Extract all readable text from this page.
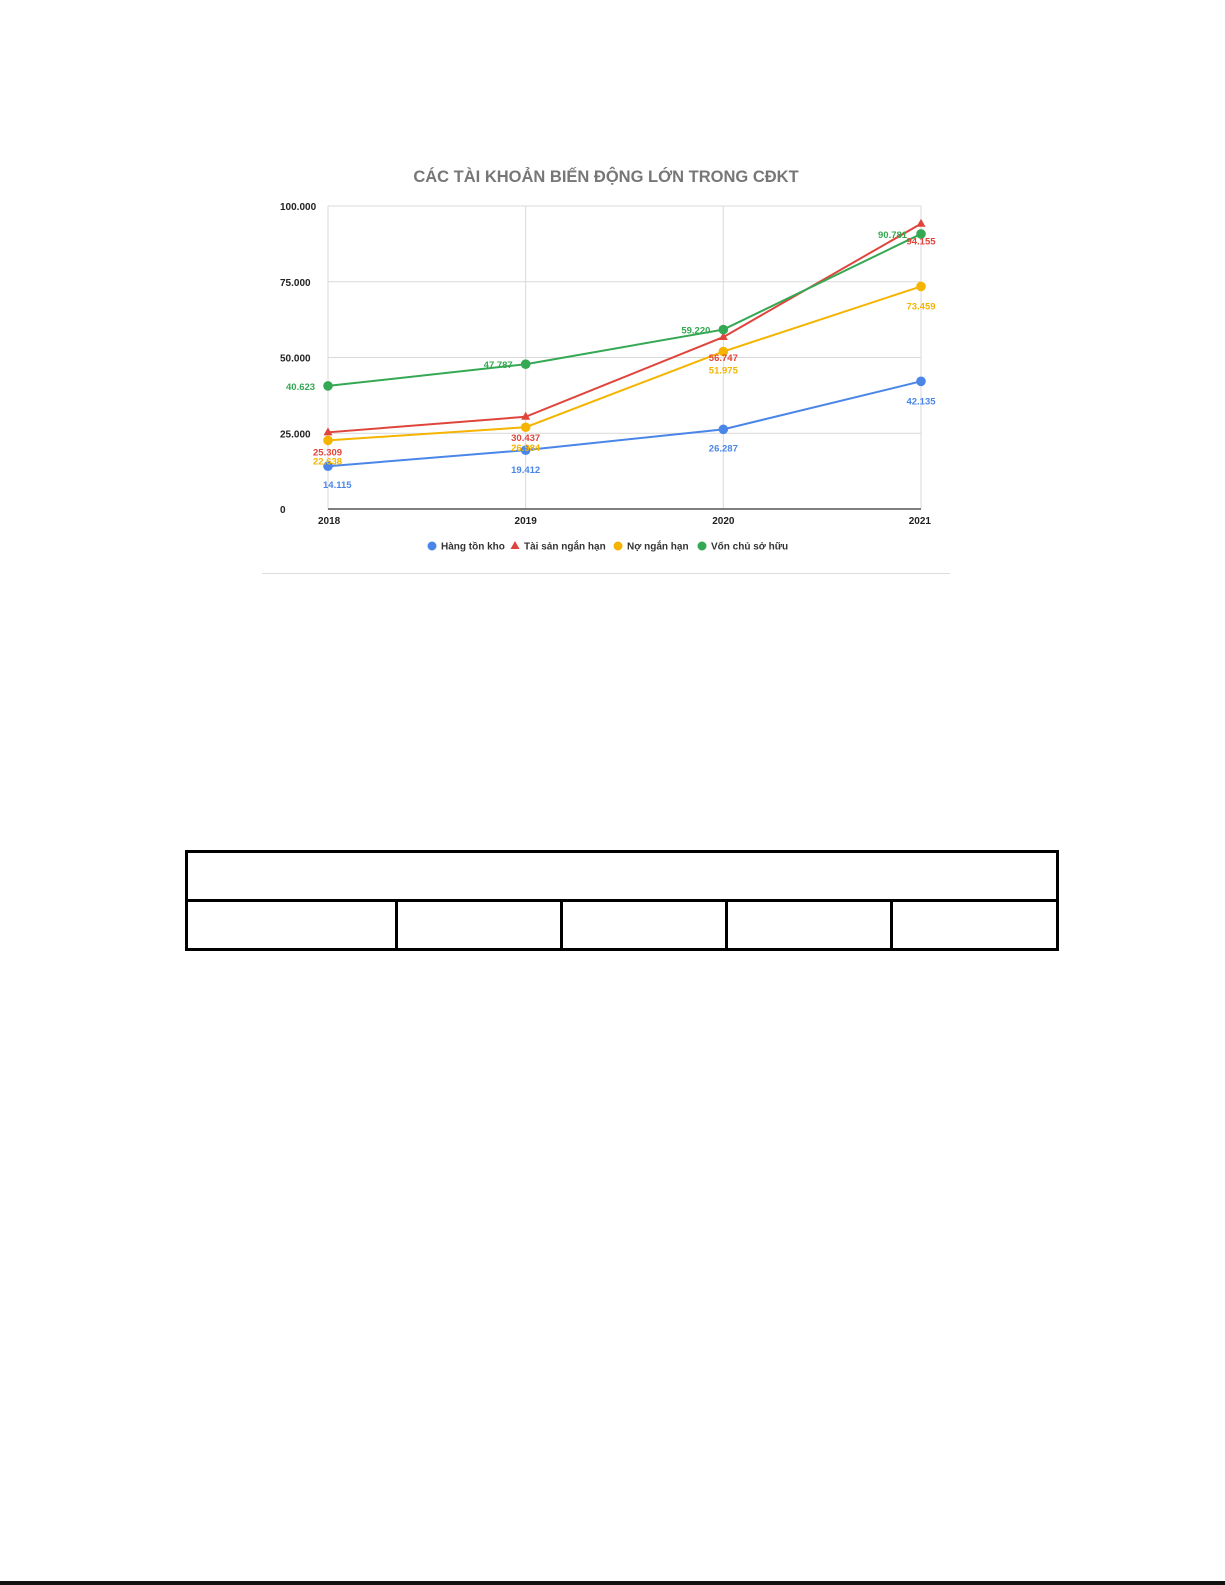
CÁC TÀI KHOẢN BIẾN ĐỘNG LỚN TRONG CĐKT
0
25.000
50.000
75.000
100.000
2018	2019	2020	2021
14.115
19.412
26.287
42.135
25.309
30.437
56.747
94.155
22.638
26.984
51.975
73.459
40.623
47.787
59.220
90.781
Hàng tồn kho Tài sản ngắn hạn Nợ ngắn hạn Vốn chủ sở hữu
